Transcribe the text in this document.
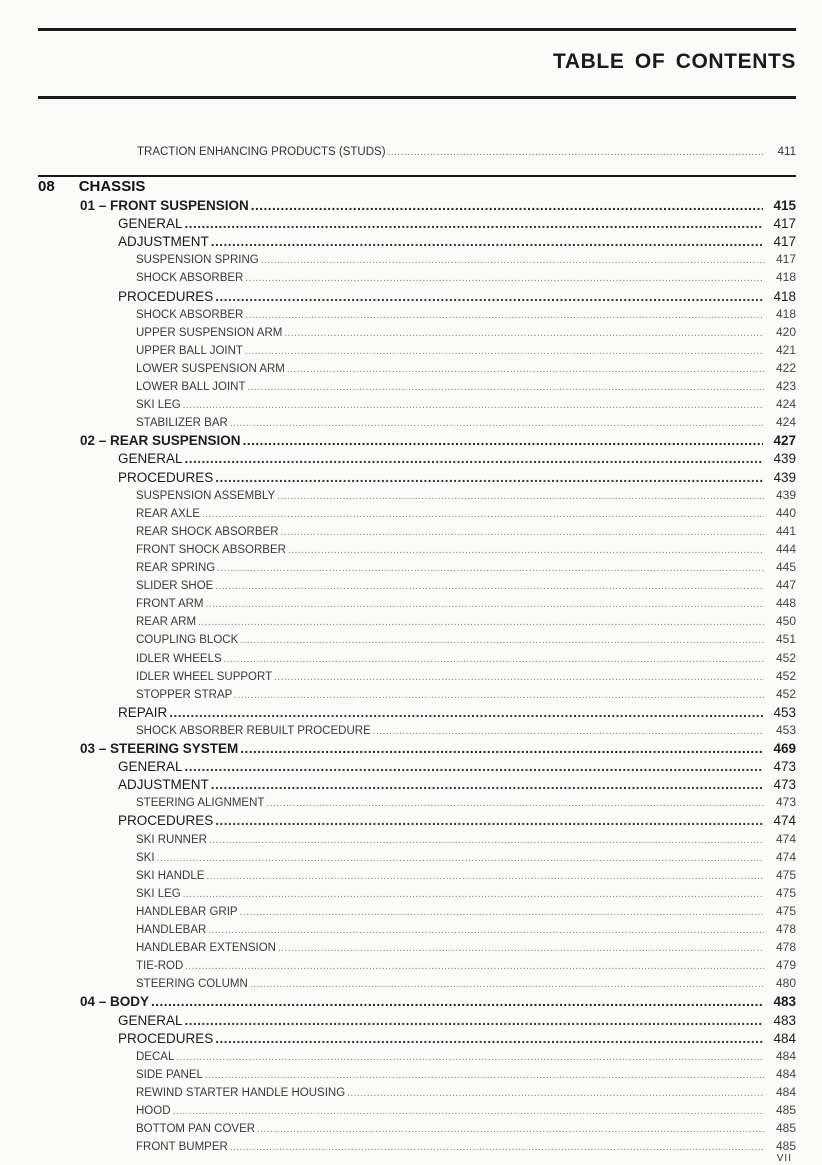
TABLE OF CONTENTS
TRACTION ENHANCING PRODUCTS (STUDS) .....	411
08 CHASSIS
01 – FRONT SUSPENSION .....	415
GENERAL .....	417
ADJUSTMENT .....	417
SUSPENSION SPRING .....	417
SHOCK ABSORBER .....	418
PROCEDURES .....	418
SHOCK ABSORBER .....	418
UPPER SUSPENSION ARM .....	420
UPPER BALL JOINT .....	421
LOWER SUSPENSION ARM .....	422
LOWER BALL JOINT .....	423
SKI LEG .....	424
STABILIZER BAR .....	424
02 – REAR SUSPENSION .....	427
GENERAL .....	439
PROCEDURES .....	439
SUSPENSION ASSEMBLY .....	439
REAR AXLE .....	440
REAR SHOCK ABSORBER .....	441
FRONT SHOCK ABSORBER .....	444
REAR SPRING .....	445
SLIDER SHOE .....	447
FRONT ARM .....	448
REAR ARM .....	450
COUPLING BLOCK .....	451
IDLER WHEELS .....	452
IDLER WHEEL SUPPORT .....	452
STOPPER STRAP .....	452
REPAIR .....	453
SHOCK ABSORBER REBUILT PROCEDURE .....	453
03 – STEERING SYSTEM .....	469
GENERAL .....	473
ADJUSTMENT .....	473
STEERING ALIGNMENT .....	473
PROCEDURES .....	474
SKI RUNNER .....	474
SKI .....	474
SKI HANDLE .....	475
SKI LEG .....	475
HANDLEBAR GRIP .....	475
HANDLEBAR .....	478
HANDLEBAR EXTENSION .....	478
TIE-ROD .....	479
STEERING COLUMN .....	480
04 – BODY .....	483
GENERAL .....	483
PROCEDURES .....	484
DECAL .....	484
SIDE PANEL .....	484
REWIND STARTER HANDLE HOUSING .....	484
HOOD .....	485
BOTTOM PAN COVER .....	485
FRONT BUMPER .....	485
VII
